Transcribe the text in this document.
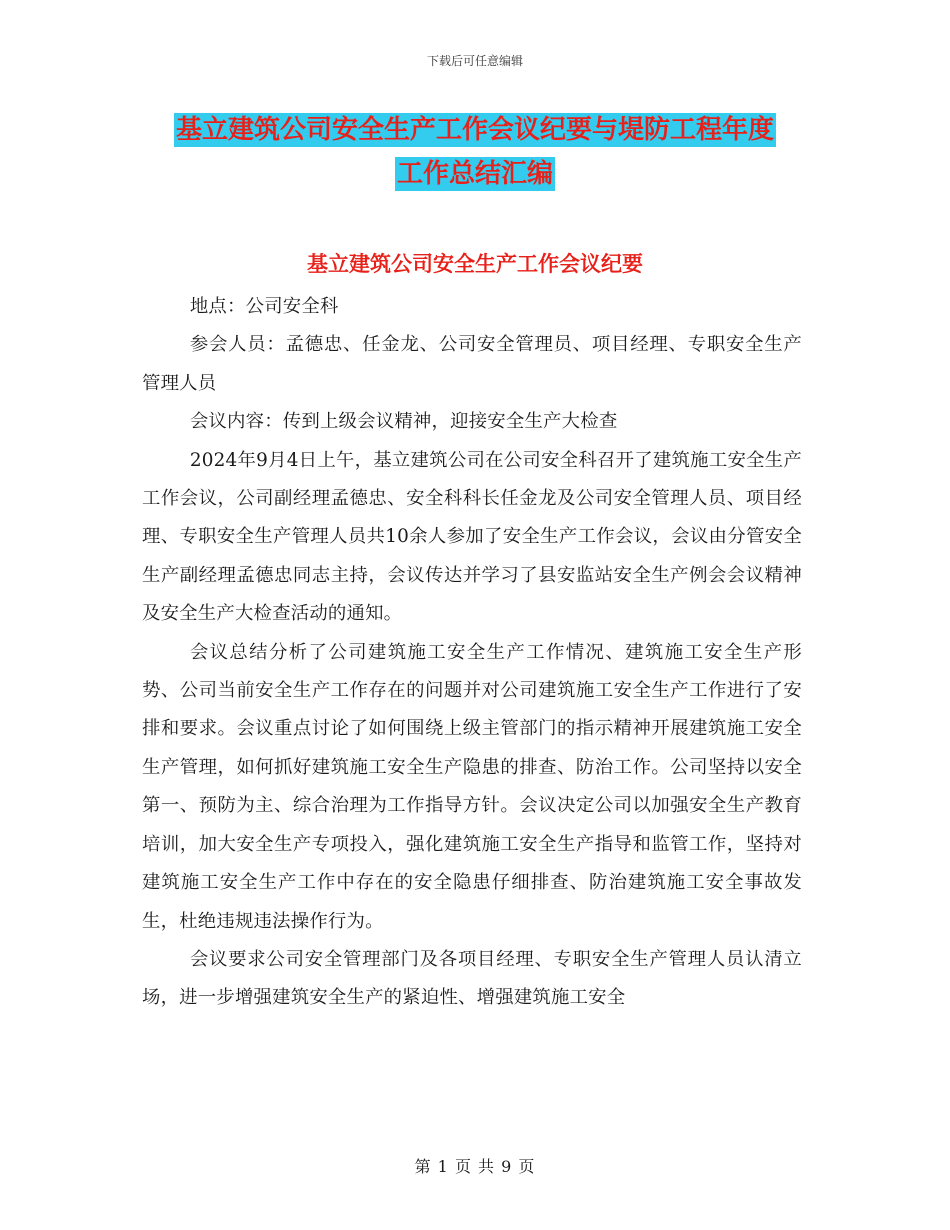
下载后可任意编辑
基立建筑公司安全生产工作会议纪要与堤防工程年度
工作总结汇编
基立建筑公司安全生产工作会议纪要

地点：公司安全科

参会人员：孟德忠、任金龙、公司安全管理员、项目经理、专职安全生产管理人员

会议内容：传到上级会议精神，迎接安全生产大检查

2024年9月4日上午，基立建筑公司在公司安全科召开了建筑施工安全生产工作会议，公司副经理孟德忠、安全科科长任金龙及公司安全管理人员、项目经理、专职安全生产管理人员共10余人参加了安全生产工作会议，会议由分管安全生产副经理孟德忠同志主持，会议传达并学习了县安监站安全生产例会会议精神及安全生产大检查活动的通知。

会议总结分析了公司建筑施工安全生产工作情况、建筑施工安全生产形势、公司当前安全生产工作存在的问题并对公司建筑施工安全生产工作进行了安排和要求。会议重点讨论了如何围绕上级主管部门的指示精神开展建筑施工安全生产管理，如何抓好建筑施工安全生产隐患的排查、防治工作。公司坚持以安全第一、预防为主、综合治理为工作指导方针。会议决定公司以加强安全生产教育培训，加大安全生产专项投入，强化建筑施工安全生产指导和监管工作，坚持对建筑施工安全生产工作中存在的安全隐患仔细排查、防治建筑施工安全事故发生，杜绝违规违法操作行为。

会议要求公司安全管理部门及各项目经理、专职安全生产管理人员认清立场，进一步增强建筑安全生产的紧迫性、增强建筑施工安全

第 1 页 共 9 页
